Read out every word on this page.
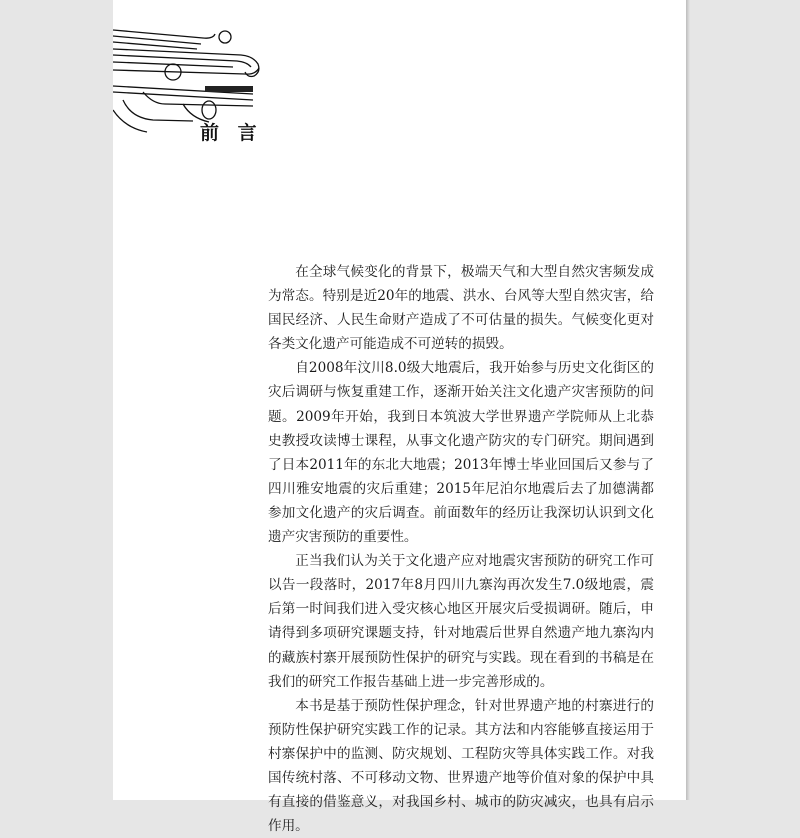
前 言

在全球气候变化的背景下，极端天气和大型自然灾害频发成为常态。特别是近20年的地震、洪水、台风等大型自然灾害，给国民经济、人民生命财产造成了不可估量的损失。气候变化更对各类文化遗产可能造成不可逆转的损毁。

自2008年汶川8.0级大地震后，我开始参与历史文化街区的灾后调研与恢复重建工作，逐渐开始关注文化遗产灾害预防的问题。2009年开始，我到日本筑波大学世界遗产学院师从上北恭史教授攻读博士课程，从事文化遗产防灾的专门研究。期间遇到了日本2011年的东北大地震；2013年博士毕业回国后又参与了四川雅安地震的灾后重建；2015年尼泊尔地震后去了加德满都参加文化遗产的灾后调查。前面数年的经历让我深切认识到文化遗产灾害预防的重要性。

正当我们认为关于文化遗产应对地震灾害预防的研究工作可以告一段落时，2017年8月四川九寨沟再次发生7.0级地震，震后第一时间我们进入受灾核心地区开展灾后受损调研。随后，申请得到多项研究课题支持，针对地震后世界自然遗产地九寨沟内的藏族村寨开展预防性保护的研究与实践。现在看到的书稿是在我们的研究工作报告基础上进一步完善形成的。

本书是基于预防性保护理念，针对世界遗产地的村寨进行的预防性保护研究实践工作的记录。其方法和内容能够直接运用于村寨保护中的监测、防灾规划、工程防灾等具体实践工作。对我国传统村落、不可移动文物、世界遗产地等价值对象的保护中具有直接的借鉴意义，对我国乡村、城市的防灾减灾，也具有启示作用。
